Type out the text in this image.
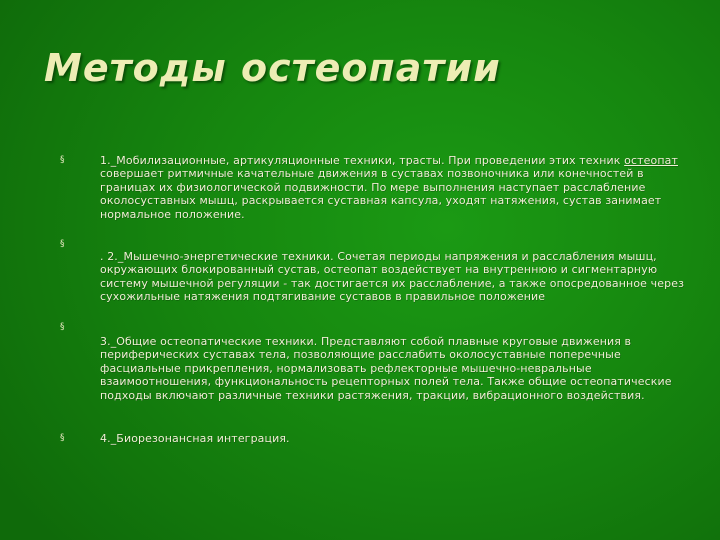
Методы остеопатии
§	1._Мобилизационные, артикуляционные техники, трасты. При проведении этих техник остеопат совершает ритмичные качательные движения в суставах позвоночника или конечностей в границах их физиологической подвижности. По мере выполнения наступает расслабление околосуставных мышц, раскрывается суставная капсула, уходят натяжения, сустав занимает нормальное положение.
§
. 2._Мышечно-энергетические техники. Сочетая периоды напряжения и расслабления мышц, окружающих блокированный сустав, остеопат воздействует на внутреннюю и сигментарную систему мышечной регуляции - так достигается их расслабление, а также опосредованное через сухожильные натяжения подтягивание суставов в правильное положение
§
3._Общие остеопатические техники. Представляют собой плавные круговые движения в периферических суставах тела, позволяющие расслабить околосуставные поперечные фасциальные прикрепления, нормализовать рефлекторные мышечно-невральные взаимоотношения, функциональность рецепторных полей тела. Также общие остеопатические подходы включают различные техники растяжения, тракции, вибрационного воздействия.
§	4._Биорезонансная интеграция.
